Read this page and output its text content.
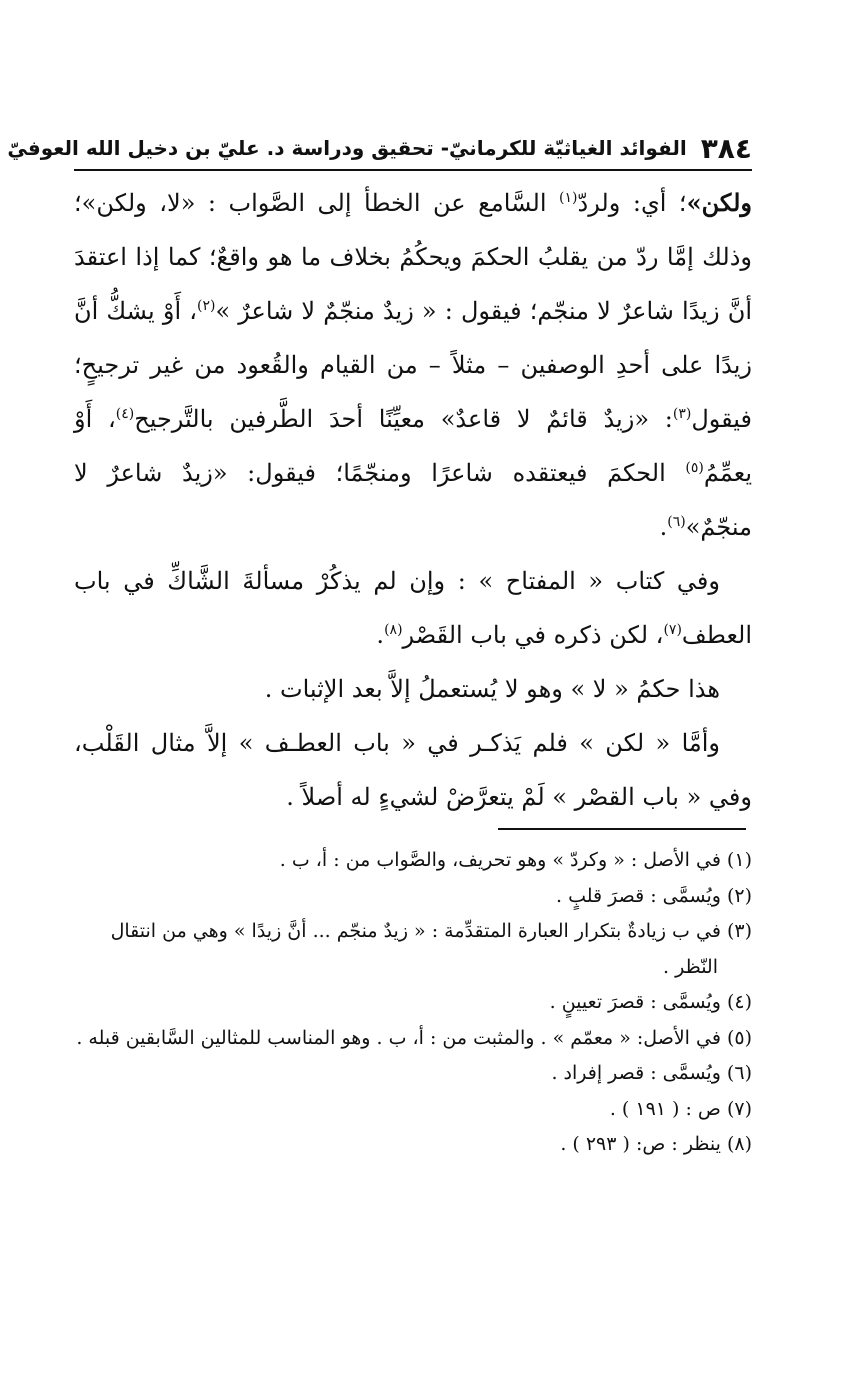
٣٨٤
الفوائد الغياثيّة للكرمانيّ- تحقيق ودراسة د. عليّ بن دخيل الله العوفيّ

ولكن»؛ أي: ولردّ$^{(١)}$ السَّامع عن الخطأ إلى الصَّواب : «لا، ولكن»؛ وذلك إمَّا ردّ من يقلبُ الحكمَ ويحكُمُ بخلاف ما هو واقعٌ؛ كما إذا اعتقدَ أنَّ زيدًا شاعرٌ لا منجّم؛ فيقول : « زيدٌ منجّمٌ لا شاعرٌ »$^{(٢)}$، أَوْ يشكُّ أنَّ زيدًا على أحدِ الوصفين – مثلاً – من القيام والقُعود من غير ترجيحٍ؛ فيقول$^{(٣)}$: «زيدٌ قائمٌ لا قاعدٌ» معيِّنًا أحدَ الطَّرفين بالتَّرجيح$^{(٤)}$، أَوْ يعمِّمُ$^{(٥)}$ الحكمَ فيعتقده شاعرًا ومنجّمًا؛ فيقول: «زيدٌ شاعرٌ لا منجّمٌ»$^{(٦)}$.

وفي كتاب « المفتاح » : وإن لم يذكُرْ مسألةَ الشَّاكِّ في باب العطف$^{(٧)}$، لكن ذكره في باب القَصْر$^{(٨)}$.

هذا حكمُ « لا » وهو لا يُستعملُ إلاَّ بعد الإثبات .

وأمَّا « لكن » فلم يَذكـر في « باب العطـف » إلاَّ مثال القَلْب، وفي « باب القصْر » لَمْ يتعرَّضْ لشيءٍ له أصلاً .

(١) في الأصل : « وكردّ » وهو تحريف، والصَّواب من : أ، ب .

(٢) ويُسمَّى : قصرَ قلبٍ .

(٣) في ب زيادةٌ بتكرار العبارة المتقدِّمة : « زيدٌ منجّم ... أنَّ زيدًا » وهي من انتقال النّظر .

(٤) ويُسمَّى : قصرَ تعيينٍ .

(٥) في الأصل: « معمّم » . والمثبت من : أ، ب . وهو المناسب للمثالين السَّابقين قبله .

(٦) ويُسمَّى : قصر إفراد .

(٧) ص : ( ١٩١ ) .

(٨) ينظر : ص: ( ٢٩٣ ) .
